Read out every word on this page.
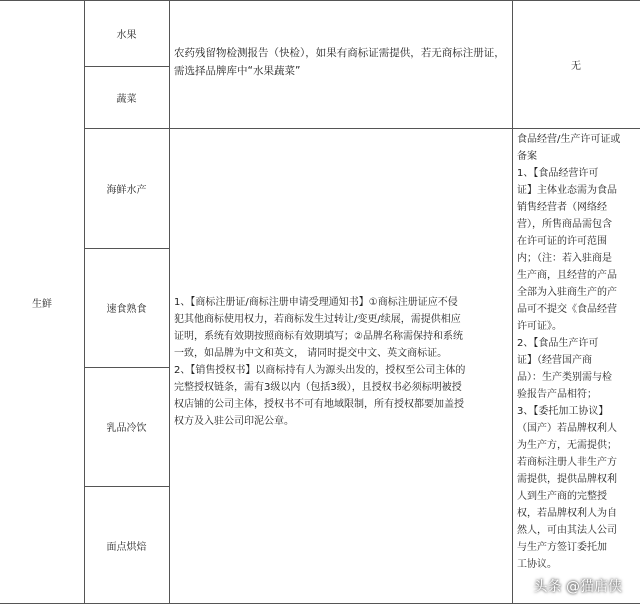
生鲜
水果
蔬菜
海鲜水产
速食熟食
乳品冷饮
面点烘焙
农药残留物检测报告（快检），如果有商标证需提供，若无商标注册证，需选择品牌库中“水果蔬菜”	无
1、【商标注册证/商标注册申请受理通知书】①商标注册证应不侵
犯其他商标使用权力，若商标发生过转让/变更/续展，需提供相应
证明，系统有效期按照商标有效期填写；②品牌名称需保持和系统
一致，如品牌为中文和英文， 请同时提交中文、英文商标证。
2、【销售授权书】以商标持有人为源头出发的，授权至公司主体的
完整授权链条，需有3级以内（包括3级），且授权书必须标明被授
权店铺的公司主体，授权书不可有地域限制，所有授权都要加盖授
权方及入驻公司印泥公章。
食品经营/生产许可证或
备案
1、【食品经营许可
证】主体业态需为食品
销售经营者（网络经
营），所售商品需包含
在许可证的许可范围
内；（注：若入驻商是
生产商，且经营的产品
全部为入驻商生产的产
品可不提交《食品经营
许可证》。
2、【食品生产许可
证】（经营国产商
品）：生产类别需与检
验报告产品相符；
3、【委托加工协议】
（国产）若品牌权利人
为生产方，无需提供；
若商标注册人非生产方
需提供，提供品牌权利
人到生产商的完整授
权，若品牌权利人为自
然人，可由其法人公司
与生产方签订委托加
工协议。
头条 @猫店侠
